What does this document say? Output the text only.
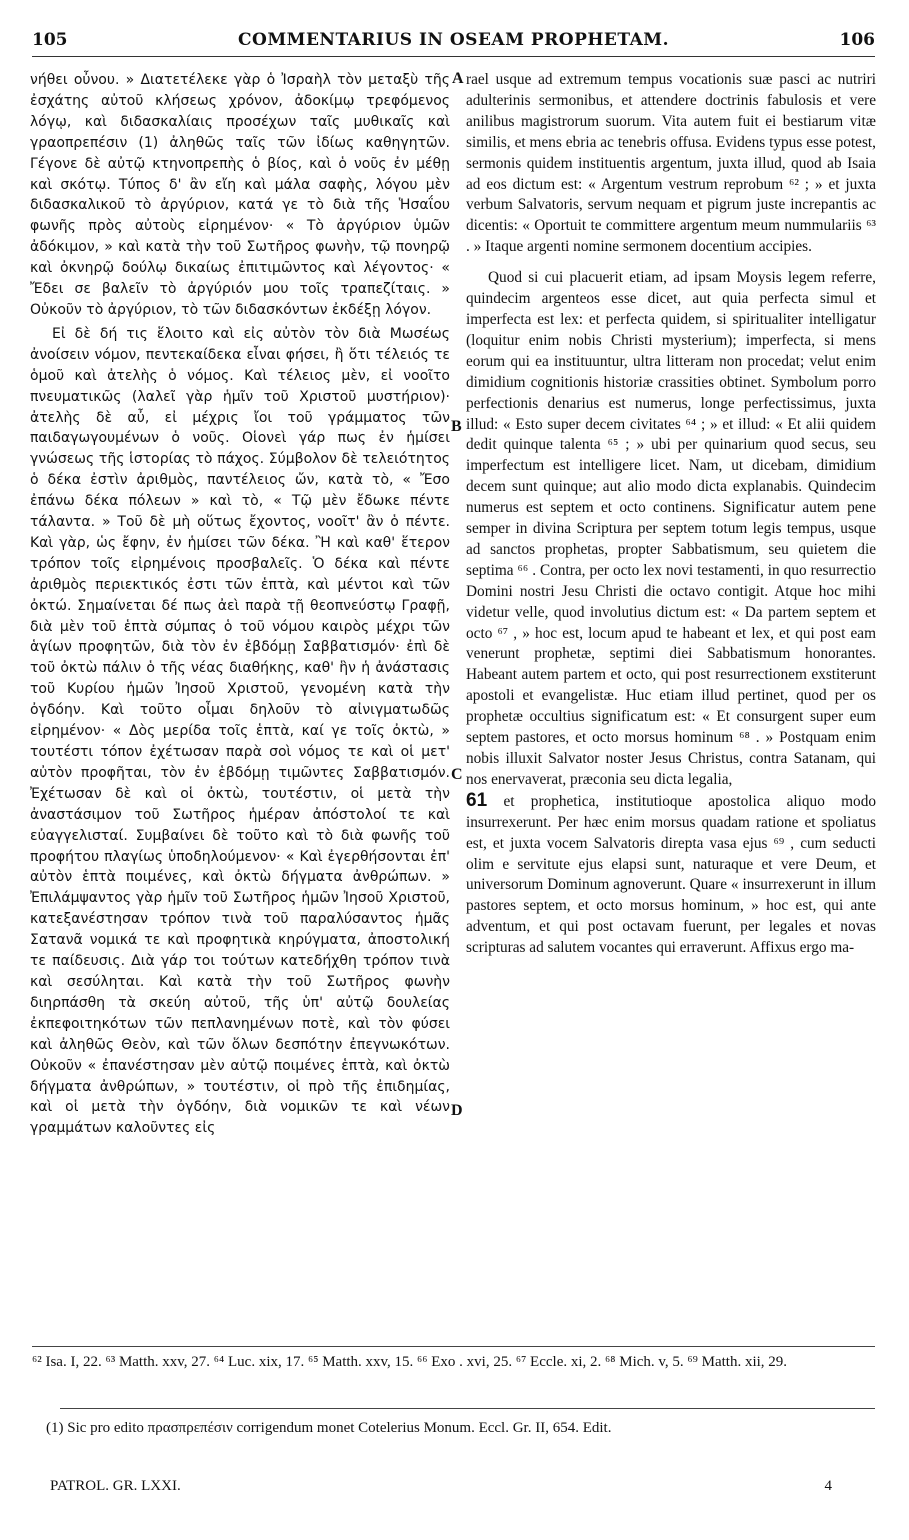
105	COMMENTARIUS IN OSEAM PROPHETAM.	106

νήθει οὖνου. » Διατετέλεκε γὰρ ὁ Ἰσραὴλ τὸν μεταξὺ τῆς ἐσχάτης αὐτοῦ κλήσεως χρόνον, ἀδοκίμῳ τρεφόμενος λόγῳ, καὶ διδασκαλίαις προσέχων ταῖς μυθικαῖς καὶ γραοπρεπέσιν (1) ἀληθῶς ταῖς τῶν ἰδίως καθηγητῶν. Γέγονε δὲ αὐτῷ κτηνοπρεπὴς ὁ βίος, καὶ ὁ νοῦς ἐν μέθῃ καὶ σκότῳ. Τύπος δ' ἂν εἴη καὶ μάλα σαφὴς, λόγου μὲν διδασκαλικοῦ τὸ ἀργύριον, κατά γε τὸ διὰ τῆς Ἡσαΐου φωνῆς πρὸς αὐτοὺς εἰρημένον· « Τὸ ἀργύριον ὑμῶν ἀδόκιμον, » καὶ κατὰ τὴν τοῦ Σωτῆρος φωνὴν, τῷ πονηρῷ καὶ ὀκνηρῷ δούλῳ δικαίως ἐπιτιμῶντος καὶ λέγοντος· « Ἔδει σε βαλεῖν τὸ ἀργύριόν μου τοῖς τραπεζίταις. » Οὐκοῦν τὸ ἀργύριον, τὸ τῶν διδασκόντων ἐκδέξῃ λόγον.

Εἰ δὲ δή τις ἕλοιτο καὶ εἰς αὐτὸν τὸν διὰ Μωσέως ἀνοίσειν νόμον, πεντεκαίδεκα εἶναι φήσει, ἢ ὅτι τέλειός τε ὁμοῦ καὶ ἀτελὴς ὁ νόμος. Καὶ τέλειος μὲν, εἰ νοοῖτο πνευματικῶς (λαλεῖ γὰρ ἡμῖν τοῦ Χριστοῦ μυστήριον)· ἀτελὴς δὲ αὖ, εἰ μέχρις ἴοι τοῦ γράμματος τῶν παιδαγωγουμένων ὁ νοῦς. Οἱονεὶ γάρ πως ἐν ἡμίσει γνώσεως τῆς ἱστορίας τὸ πάχος. Σύμβολον δὲ τελειότητος ὁ δέκα ἐστὶν ἀριθμὸς, παντέλειος ὤν, κατὰ τὸ, « Ἔσο ἐπάνω δέκα πόλεων » καὶ τὸ, « Τῷ μὲν ἔδωκε πέντε τάλαντα. » Τοῦ δὲ μὴ οὕτως ἔχοντος, νοοῖτ' ἂν ὁ πέντε. Καὶ γὰρ, ὡς ἔφην, ἐν ἡμίσει τῶν δέκα. Ἢ καὶ καθ' ἕτερον τρόπον τοῖς εἰρημένοις προσβαλεῖς. Ὁ δέκα καὶ πέντε ἀριθμὸς περιεκτικός ἐστι τῶν ἑπτὰ, καὶ μέντοι καὶ τῶν ὀκτώ. Σημαίνεται δέ πως ἀεὶ παρὰ τῇ θεοπνεύστῳ Γραφῇ, διὰ μὲν τοῦ ἑπτὰ σύμπας ὁ τοῦ νόμου καιρὸς μέχρι τῶν ἁγίων προφητῶν, διὰ τὸν ἐν ἑβδόμῃ Σαββατισμόν· ἐπὶ δὲ τοῦ ὀκτὼ πάλιν ὁ τῆς νέας διαθήκης, καθ' ἣν ἡ ἀνάστασις τοῦ Κυρίου ἡμῶν Ἰησοῦ Χριστοῦ, γενομένη κατὰ τὴν ὀγδόην. Καὶ τοῦτο οἶμαι δηλοῦν τὸ αἰνιγματωδῶς εἰρημένον· « Δὸς μερίδα τοῖς ἑπτὰ, καί γε τοῖς ὀκτὼ, » τουτέστι τόπον ἐχέτωσαν παρὰ σοὶ νόμος τε καὶ οἱ μετ' αὐτὸν προφῆται, τὸν ἐν ἑβδόμῃ τιμῶντες Σαββατισμόν. Ἐχέτωσαν δὲ καὶ οἱ ὀκτὼ, τουτέστιν, οἱ μετὰ τὴν ἀναστάσιμον τοῦ Σωτῆρος ἡμέραν ἀπόστολοί τε καὶ εὐαγγελισταί. Συμβαίνει δὲ τοῦτο καὶ τὸ διὰ φωνῆς τοῦ προφήτου πλαγίως ὑποδηλούμενον· « Καὶ ἐγερθήσονται ἐπ' αὐτὸν ἑπτὰ ποιμένες, καὶ ὀκτὼ δήγματα ἀνθρώπων. » Ἐπιλάμψαντος γὰρ ἡμῖν τοῦ Σωτῆρος ἡμῶν Ἰησοῦ Χριστοῦ, κατεξανέστησαν τρόπον τινὰ τοῦ παραλύσαντος ἡμᾶς Σατανᾶ νομικά τε καὶ προφητικὰ κηρύγματα, ἀποστολική τε παίδευσις. Διὰ γάρ τοι τούτων κατεδήχθη τρόπον τινὰ καὶ σεσύληται. Καὶ κατὰ τὴν τοῦ Σωτῆρος φωνὴν διηρπάσθη τὰ σκεύη αὐτοῦ, τῆς ὑπ' αὐτῷ δουλείας ἐκπεφοιτηκότων τῶν πεπλανημένων ποτὲ, καὶ τὸν φύσει καὶ ἀληθῶς Θεὸν, καὶ τῶν ὅλων δεσπότην ἐπεγνωκότων. Οὐκοῦν « ἐπανέστησαν μὲν αὐτῷ ποιμένες ἑπτὰ, καὶ ὀκτὼ δήγματα ἀνθρώπων, » τουτέστιν, οἱ πρὸ τῆς ἐπιδημίας, καὶ οἱ μετὰ τὴν ὀγδόην, διὰ νομικῶν τε καὶ νέων γραμμάτων καλοῦντες εἰς

A
B
C
D

rael usque ad extremum tempus vocationis suæ pasci ac nutriri adulterinis sermonibus, et attendere doctrinis fabulosis et vere anilibus magistrorum suorum. Vita autem fuit ei bestiarum vitæ similis, et mens ebria ac tenebris offusa. Evidens typus esse potest, sermonis quidem instituentis argentum, juxta illud, quod ab Isaia ad eos dictum est: « Argentum vestrum reprobum ⁶² ; » et juxta verbum Salvatoris, servum nequam et pigrum juste increpantis ac dicentis: « Oportuit te committere argentum meum nummulariis ⁶³ . » Itaque argenti nomine sermonem docentium accipies.

Quod si cui placuerit etiam, ad ipsam Moysis legem referre, quindecim argenteos esse dicet, aut quia perfecta simul et imperfecta est lex: et perfecta quidem, si spiritualiter intelligatur (loquitur enim nobis Christi mysterium); imperfecta, si mens eorum qui ea instituuntur, ultra litteram non procedat; velut enim dimidium cognitionis historiæ crassities obtinet. Symbolum porro perfectionis denarius est numerus, longe perfectissimus, juxta illud: « Esto super decem civitates ⁶⁴ ; » et illud: « Et alii quidem dedit quinque talenta ⁶⁵ ; » ubi per quinarium quod secus, seu imperfectum est intelligere licet. Nam, ut dicebam, dimidium decem sunt quinque; aut alio modo dicta explanabis. Quindecim numerus est septem et octo continens. Significatur autem pene semper in divina Scriptura per septem totum legis tempus, usque ad sanctos prophetas, propter Sabbatismum, seu quietem die septima ⁶⁶ . Contra, per octo lex novi testamenti, in quo resurrectio Domini nostri Jesu Christi die octavo contigit. Atque hoc mihi videtur velle, quod involutius dictum est: « Da partem septem et octo ⁶⁷ , » hoc est, locum apud te habeant et lex, et qui post eam venerunt prophetæ, septimi diei Sabbatismum honorantes. Habeant autem partem et octo, qui post resurrectionem exstiterunt apostoli et evangelistæ. Huc etiam illud pertinet, quod per os prophetæ occultius significatum est: « Et consurgent super eum septem pastores, et octo morsus hominum ⁶⁸ . » Postquam enim nobis illuxit Salvator noster Jesus Christus, contra Satanam, qui nos enervaverat, præconia seu dicta legalia,

61 et prophetica, institutioque apostolica aliquo modo insurrexerunt. Per hæc enim morsus quadam ratione et spoliatus est, et juxta vocem Salvatoris direpta vasa ejus ⁶⁹ , cum seducti olim e servitute ejus elapsi sunt, naturaque et vere Deum, et universorum Dominum agnoverunt. Quare « insurrexerunt in illum pastores septem, et octo morsus hominum, » hoc est, qui ante adventum, et qui post octavam fuerunt, per legales et novas scripturas ad salutem vocantes qui erraverunt. Affixus ergo ma-

⁶² Isa. I, 22. ⁶³ Matth. xxv, 27. ⁶⁴ Luc. xix, 17. ⁶⁵ Matth. xxv, 15. ⁶⁶ Exo . xvi, 25. ⁶⁷ Eccle. xi, 2. ⁶⁸ Mich. v, 5. ⁶⁹ Matth. xii, 29.

(1) Sic pro edito πρασπρεπέσιν corrigendum monet Cotelerius Monum. Eccl. Gr. II, 654. Edit.

PATROL. GR. LXXI.	4
